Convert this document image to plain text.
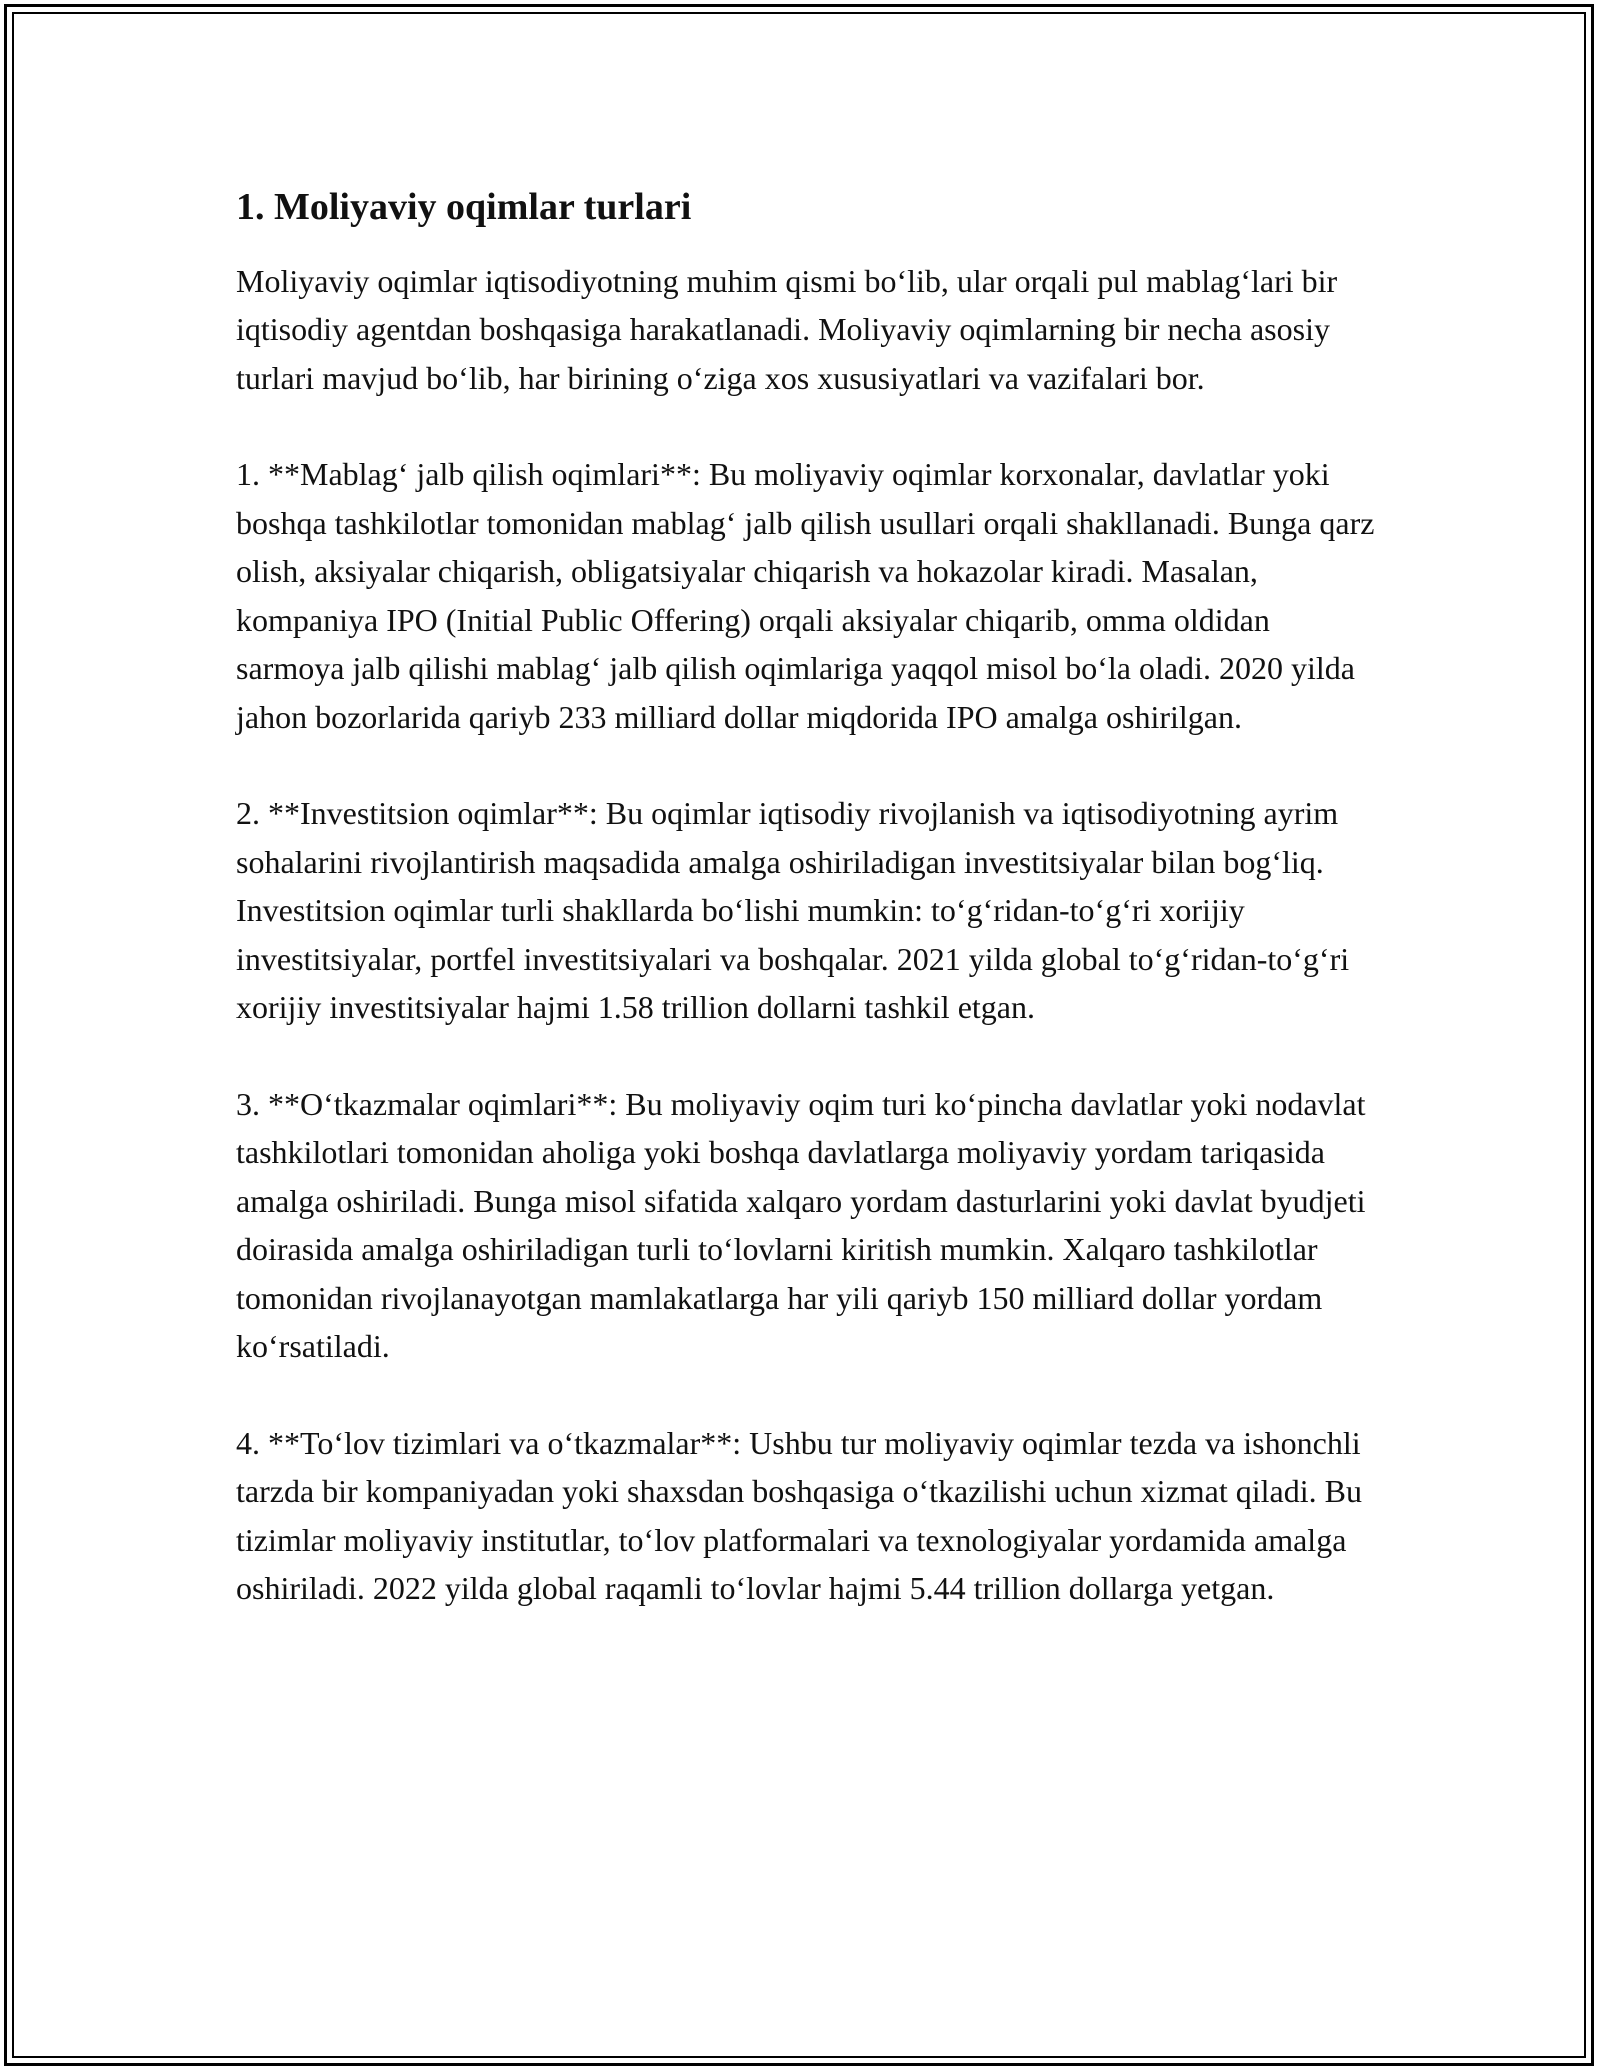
1. Moliyaviy oqimlar turlari

Moliyaviy oqimlar iqtisodiyotning muhim qismi bo‘lib, ular orqali pul mablag‘lari bir iqtisodiy agentdan boshqasiga harakatlanadi. Moliyaviy oqimlarning bir necha asosiy turlari mavjud bo‘lib, har birining o‘ziga xos xususiyatlari va vazifalari bor.

1. **Mablag‘ jalb qilish oqimlari**: Bu moliyaviy oqimlar korxonalar, davlatlar yoki boshqa tashkilotlar tomonidan mablag‘ jalb qilish usullari orqali shakllanadi. Bunga qarz olish, aksiyalar chiqarish, obligatsiyalar chiqarish va hokazolar kiradi. Masalan, kompaniya IPO (Initial Public Offering) orqali aksiyalar chiqarib, omma oldidan sarmoya jalb qilishi mablag‘ jalb qilish oqimlariga yaqqol misol bo‘la oladi. 2020 yilda jahon bozorlarida qariyb 233 milliard dollar miqdorida IPO amalga oshirilgan.

2. **Investitsion oqimlar**: Bu oqimlar iqtisodiy rivojlanish va iqtisodiyotning ayrim sohalarini rivojlantirish maqsadida amalga oshiriladigan investitsiyalar bilan bog‘liq. Investitsion oqimlar turli shakllarda bo‘lishi mumkin: to‘g‘ridan-to‘g‘ri xorijiy investitsiyalar, portfel investitsiyalari va boshqalar. 2021 yilda global to‘g‘ridan-to‘g‘ri xorijiy investitsiyalar hajmi 1.58 trillion dollarni tashkil etgan.

3. **O‘tkazmalar oqimlari**: Bu moliyaviy oqim turi ko‘pincha davlatlar yoki nodavlat tashkilotlari tomonidan aholiga yoki boshqa davlatlarga moliyaviy yordam tariqasida amalga oshiriladi. Bunga misol sifatida xalqaro yordam dasturlarini yoki davlat byudjeti doirasida amalga oshiriladigan turli to‘lovlarni kiritish mumkin. Xalqaro tashkilotlar tomonidan rivojlanayotgan mamlakatlarga har yili qariyb 150 milliard dollar yordam ko‘rsatiladi.

4. **To‘lov tizimlari va o‘tkazmalar**: Ushbu tur moliyaviy oqimlar tezda va ishonchli tarzda bir kompaniyadan yoki shaxsdan boshqasiga o‘tkazilishi uchun xizmat qiladi. Bu tizimlar moliyaviy institutlar, to‘lov platformalari va texnologiyalar yordamida amalga oshiriladi. 2022 yilda global raqamli to‘lovlar hajmi 5.44 trillion dollarga yetgan.
